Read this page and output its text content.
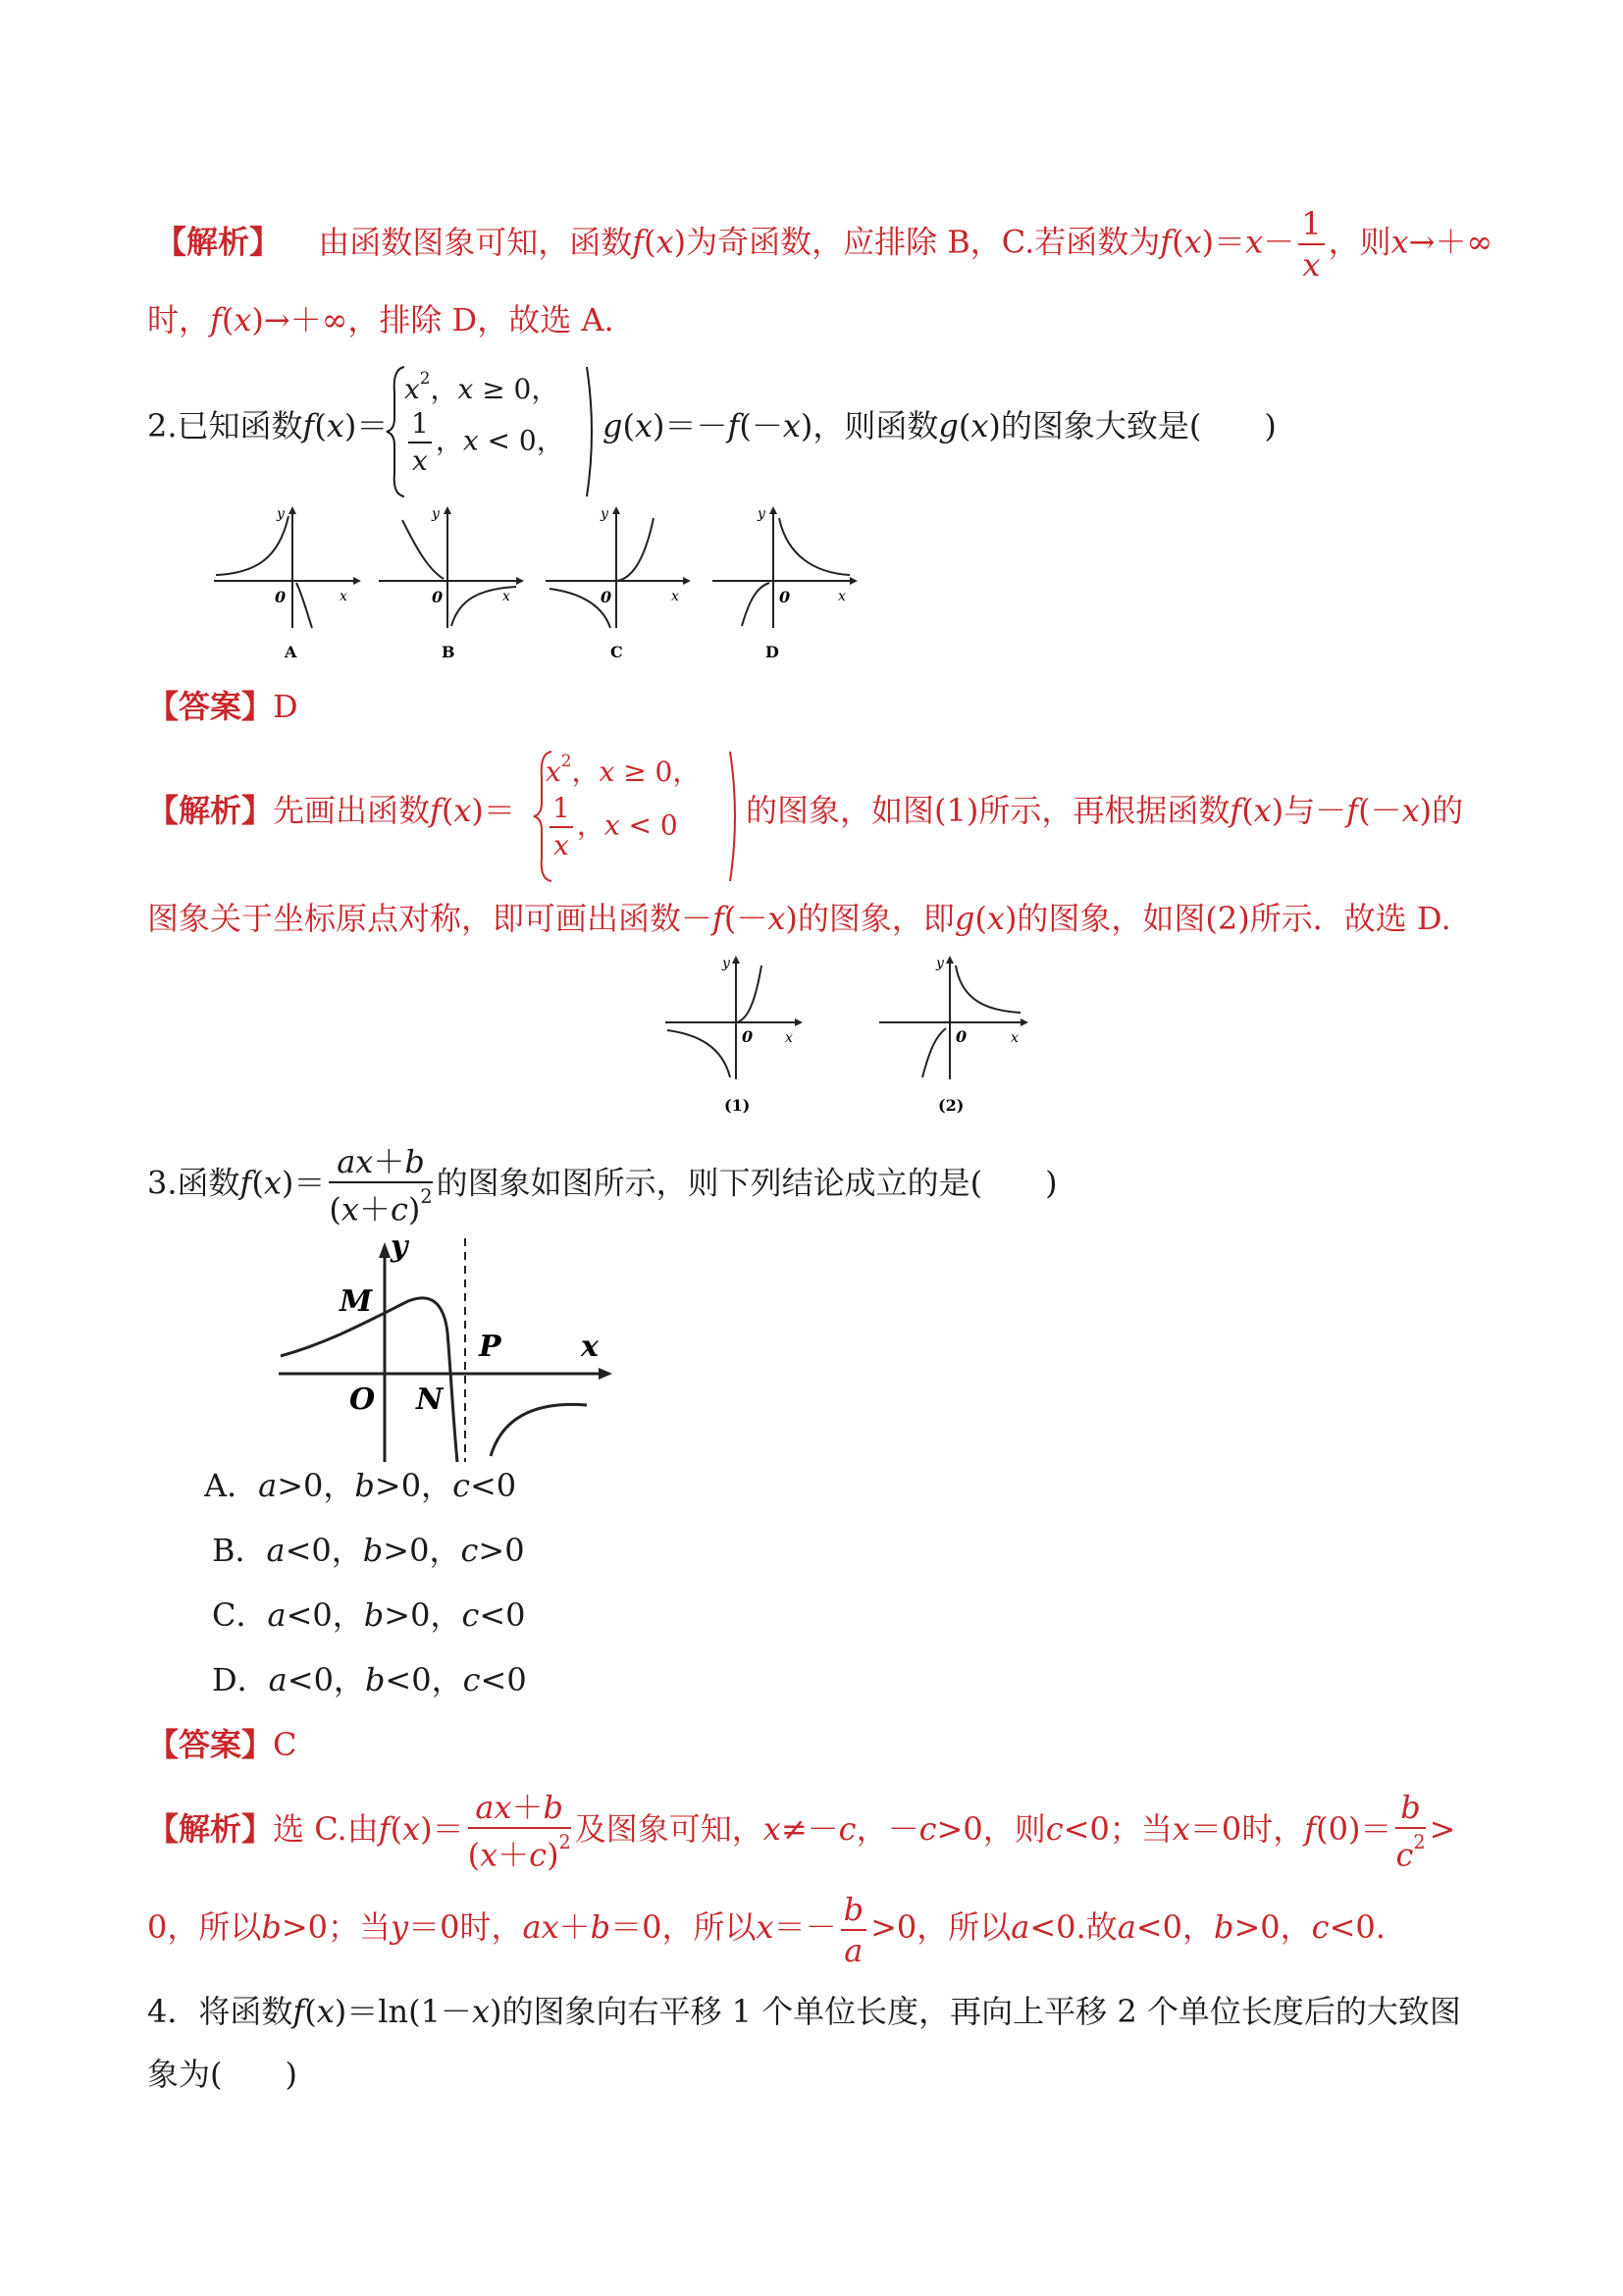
【解析】 由函数图象可知，函数f(x)为奇函数，应排除 B，C.若函数为$f(x)=x- \frac{1}{x}$ ，则x→＋∞
时，f(x)→＋∞，排除 D，故选 A.
2.已知函数f(x)＝
$x^2$，x ≥ 0，
$\frac{1}{x}$ ，x < 0， g(x)＝－f(－x)，则函数g(x)的图象大致是(　　)
0	x
y
A
0	x
y
B
0	x
y
C
0	x
y
D
【答案】D
【解析】先画出函数f(x)＝
$x^2$，x ≥ 0，
$\frac{1}{x}$ ，x < 0 的图象，如图(1)所示，再根据函数f(x)与－f(－x)的
图象关于坐标原点对称，即可画出函数－f(－x)的图象，即g(x)的图象，如图(2)所示．故选 D.
0 x
y
(1)
0	x
y
(2)
3.函数$f(x)= \frac{ax+b}{(x+c)^2}$ 的图象如图所示，则下列结论成立的是(　　)
y
M
P	x
O N
A．a>0，b>0，c<0
B．a<0，b>0，c>0
C．a<0，b>0，c<0
D．a<0，b<0，c<0
【答案】C
【解析】选 C.由$f(x)= \frac{ax+b}{(x+c)^2}$ 及图象可知，x≠－c，－c>0，则c<0；当x＝0时，$f(0)= \frac{b}{c^2}$ >
0，所以b>0；当y＝0时，ax＋b＝0，所以$x=- \frac{b}{a} >0$，所以a<0.故a<0，b>0，c<0.
4．将函数f(x)＝ln(1－x)的图象向右平移 1 个单位长度，再向上平移 2 个单位长度后的大致图
象为(　　)
